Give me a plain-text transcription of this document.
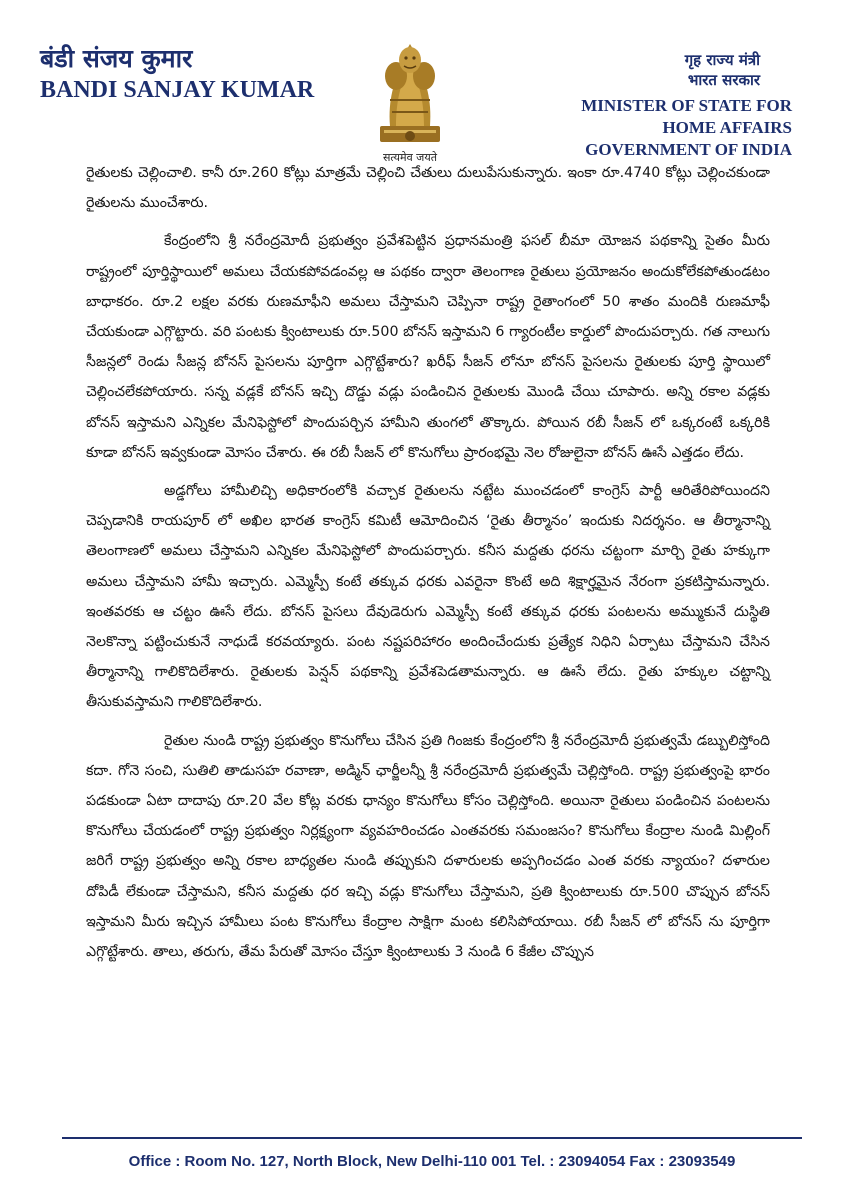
बंडी संजय कुमार
BANDI SANJAY KUMAR
सत्यमेव जयते
गृह राज्य मंत्री
भारत सरकार
MINISTER OF STATE FOR
HOME AFFAIRS
GOVERNMENT OF INDIA

రైతులకు చెల్లించాలి. కానీ రూ.260 కోట్లు మాత్రమే చెల్లించి చేతులు దులుపేసుకున్నారు. ఇంకా రూ.4740 కోట్లు చెల్లించకుండా రైతులను ముంచేశారు.

కేంద్రంలోని శ్రీ నరేంద్రమోదీ ప్రభుత్వం ప్రవేశపెట్టిన ప్రధానమంత్రి ఫసల్ బీమా యోజన పథకాన్ని సైతం మీరు రాష్ట్రంలో పూర్తిస్థాయిలో అమలు చేయకపోవడంవల్ల ఆ పథకం ద్వారా తెలంగాణ రైతులు ప్రయోజనం అందుకోలేకపోతుండటం బాధాకరం. రూ.2 లక్షల వరకు రుణమాఫీని అమలు చేస్తామని చెప్పినా రాష్ట్ర రైతాంగంలో 50 శాతం మందికి రుణమాఫీ చేయకుండా ఎగ్గొట్టారు. వరి పంటకు క్వింటాలుకు రూ.500 బోనస్ ఇస్తామని 6 గ్యారంటీల కార్డులో పొందుపర్చారు. గత నాలుగు సీజన్లలో రెండు సీజన్ల బోనస్ పైసలను పూర్తిగా ఎగ్గొట్టేశారు? ఖరీఫ్ సీజన్ లోనూ బోనస్ పైసలను రైతులకు పూర్తి స్థాయిలో చెల్లించలేకపోయారు. సన్న వడ్లకే బోనస్ ఇచ్చి దొడ్డు వడ్లు పండించిన రైతులకు మొండి చేయి చూపారు. అన్ని రకాల వడ్లకు బోనస్ ఇస్తామని ఎన్నికల మేనిఫెస్టోలో పొందుపర్చిన హామీని తుంగలో తొక్కారు. పోయిన రబీ సీజన్ లో ఒక్కరంటే ఒక్కరికి కూడా బోనస్ ఇవ్వకుండా మోసం చేశారు. ఈ రబీ సీజన్ లో కొనుగోలు ప్రారంభమై నెల రోజులైనా బోనస్ ఊసే ఎత్తడం లేదు.

అడ్డగోలు హామీలిచ్చి అధికారంలోకి వచ్చాక రైతులను నట్టేట ముంచడంలో కాంగ్రెస్ పార్టీ ఆరితేరిపోయిందని చెప్పడానికి రాయపూర్ లో అఖిల భారత కాంగ్రెస్ కమిటీ ఆమోదించిన ‘రైతు తీర్మానం’ ఇందుకు నిదర్శనం. ఆ తీర్మానాన్ని తెలంగాణలో అమలు చేస్తామని ఎన్నికల మేనిఫెస్టోలో పొందుపర్చారు. కనీస మద్దతు ధరను చట్టంగా మార్చి రైతు హక్కుగా అమలు చేస్తామని హామీ ఇచ్చారు. ఎమ్మెస్పీ కంటే తక్కువ ధరకు ఎవరైనా కొంటే అది శిక్షార్హమైన నేరంగా ప్రకటిస్తామన్నారు. ఇంతవరకు ఆ చట్టం ఊసే లేదు. బోనస్ పైసలు దేవుడెరుగు ఎమ్మెస్పీ కంటే తక్కువ ధరకు పంటలను అమ్ముకునే దుస్థితి నెలకొన్నా పట్టించుకునే నాధుడే కరవయ్యారు. పంట నష్టపరిహారం అందించేందుకు ప్రత్యేక నిధిని ఏర్పాటు చేస్తామని చేసిన తీర్మానాన్ని గాలికొదిలేశారు. రైతులకు పెన్షన్ పథకాన్ని ప్రవేశపెడతామన్నారు. ఆ ఊసే లేదు. రైతు హక్కుల చట్టాన్ని తీసుకువస్తామని గాలికొదిలేశారు.

రైతుల నుండి రాష్ట్ర ప్రభుత్వం కొనుగోలు చేసిన ప్రతి గింజకు కేంద్రంలోని శ్రీ నరేంద్రమోదీ ప్రభుత్వమే డబ్బులిస్తోంది కదా. గోనె సంచి, సుతిలి తాడుసహ రవాణా, అడ్మిన్ ఛార్జీలన్నీ శ్రీ నరేంద్రమోదీ ప్రభుత్వమే చెల్లిస్తోంది. రాష్ట్ర ప్రభుత్వంపై భారం పడకుండా ఏటా దాదాపు రూ.20 వేల కోట్ల వరకు ధాన్యం కొనుగోలు కోసం చెల్లిస్తోంది. అయినా రైతులు పండించిన పంటలను కొనుగోలు చేయడంలో రాష్ట్ర ప్రభుత్వం నిర్లక్ష్యంగా వ్యవహరించడం ఎంతవరకు సమంజసం? కొనుగోలు కేంద్రాల నుండి మిల్లింగ్ జరిగే రాష్ట్ర ప్రభుత్వం అన్ని రకాల బాధ్యతల నుండి తప్పుకుని దళారులకు అప్పగించడం ఎంత వరకు న్యాయం? దళారుల దోపిడీ లేకుండా చేస్తామని, కనీస మద్దతు ధర ఇచ్చి వడ్లు కొనుగోలు చేస్తామని, ప్రతి క్వింటాలుకు రూ.500 చొప్పున బోనస్ ఇస్తామని మీరు ఇచ్చిన హామీలు పంట కొనుగోలు కేంద్రాల సాక్షిగా మంట కలిసిపోయాయి. రబీ సీజన్ లో బోనస్ ను పూర్తిగా ఎగ్గొట్టేశారు. తాలు, తరుగు, తేమ పేరుతో మోసం చేస్తూ క్వింటాలుకు 3 నుండి 6 కేజీల చొప్పున

Office : Room No. 127, North Block, New Delhi-110 001 Tel. : 23094054 Fax : 23093549
